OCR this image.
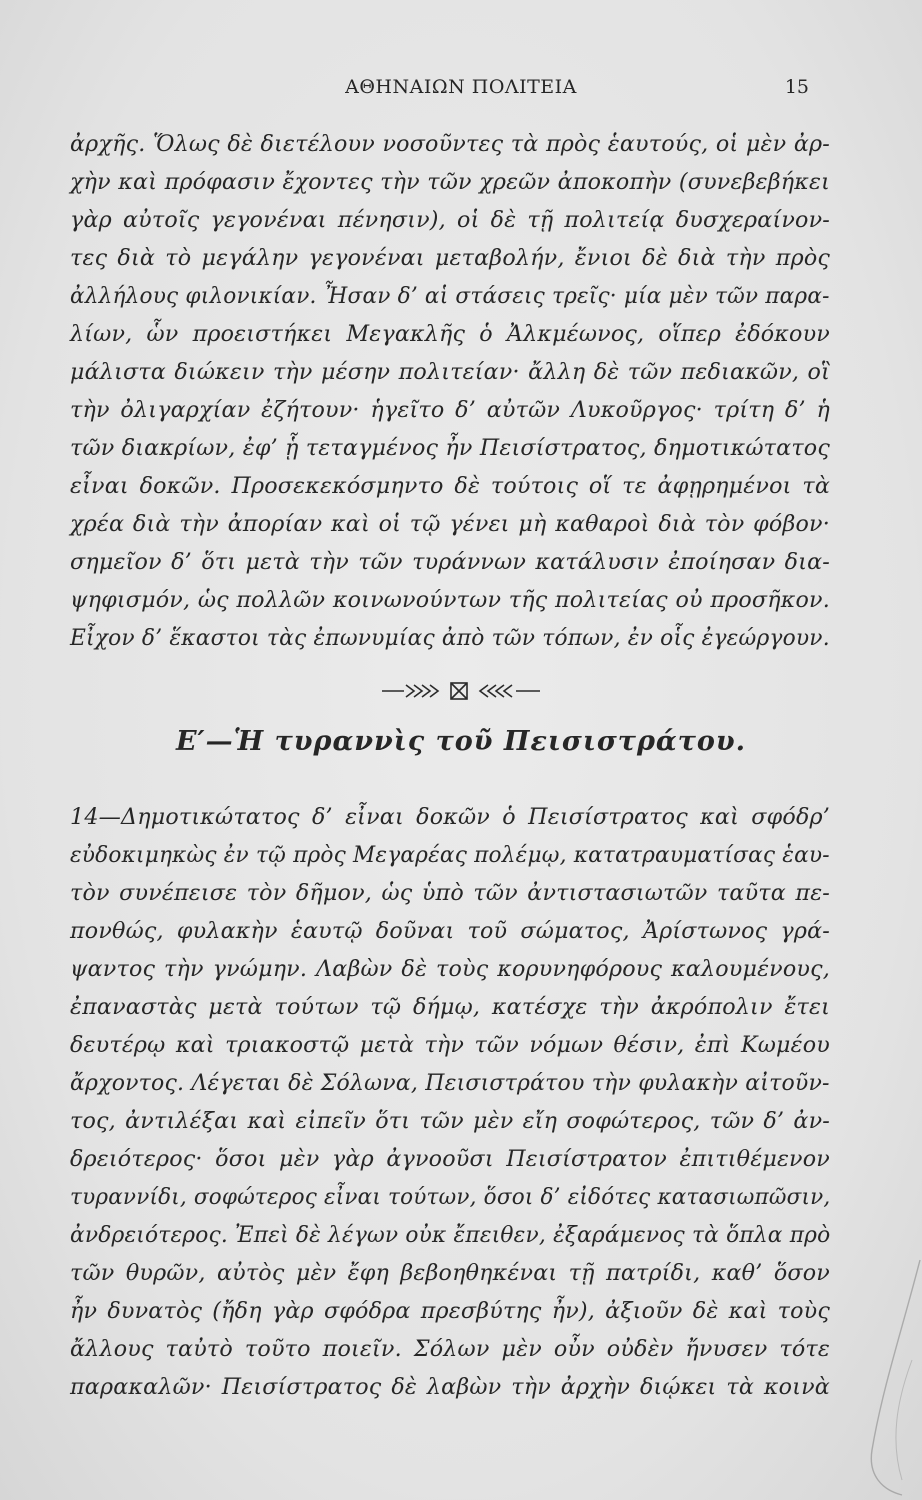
ΑΘΗΝΑΙΩΝ ΠΟΛΙΤΕΙΑ	15
ἀρχῆς. Ὅλως δὲ διετέλουν νοσοῦντες τὰ πρὸς ἑαυτούς, οἱ μὲν ἀρ-
χὴν καὶ πρόφασιν ἔχοντες τὴν τῶν χρεῶν ἀποκοπὴν (συνεβεβήκει
γὰρ αὐτοῖς γεγονέναι πένησιν), οἱ δὲ τῇ πολιτείᾳ δυσχεραίνον-
τες διὰ τὸ μεγάλην γεγονέναι μεταβολήν, ἔνιοι δὲ διὰ τὴν πρὸς
ἀλλήλους φιλονικίαν. Ἦσαν δ’ αἱ στάσεις τρεῖς· μία μὲν τῶν παρα-
λίων, ὧν προειστήκει Μεγακλῆς ὁ Ἀλκμέωνος, οἵπερ ἐδόκουν
μάλιστα διώκειν τὴν μέσην πολιτείαν· ἄλλη δὲ τῶν πεδιακῶν, οἳ
τὴν ὀλιγαρχίαν ἐζήτουν· ἡγεῖτο δ’ αὐτῶν Λυκοῦργος· τρίτη δ’ ἡ
τῶν διακρίων, ἐφ’ ᾗ τεταγμένος ἦν Πεισίστρατος, δημοτικώτατος
εἶναι δοκῶν. Προσεκεκόσμηντο δὲ τούτοις οἵ τε ἀφῃρημένοι τὰ
χρέα διὰ τὴν ἀπορίαν καὶ οἱ τῷ γένει μὴ καθαροὶ διὰ τὸν φόβον·
σημεῖον δ’ ὅτι μετὰ τὴν τῶν τυράννων κατάλυσιν ἐποίησαν δια-
ψηφισμόν, ὡς πολλῶν κοινωνούντων τῆς πολιτείας οὐ προσῆκον.
Εἶχον δ’ ἕκαστοι τὰς ἐπωνυμίας ἀπὸ τῶν τόπων, ἐν οἷς ἐγεώργουν.
Ε′—Ἡ τυραννὶς τοῦ Πεισιστράτου.
14—Δημοτικώτατος δ’ εἶναι δοκῶν ὁ Πεισίστρατος καὶ σφόδρ’
εὐδοκιμηκὼς ἐν τῷ πρὸς Μεγαρέας πολέμῳ, κατατραυματίσας ἑαυ-
τὸν συνέπεισε τὸν δῆμον, ὡς ὑπὸ τῶν ἀντιστασιωτῶν ταῦτα πε-
πονθώς, φυλακὴν ἑαυτῷ δοῦναι τοῦ σώματος, Ἀρίστωνος γρά-
ψαντος τὴν γνώμην. Λαβὼν δὲ τοὺς κορυνηφόρους καλουμένους,
ἐπαναστὰς μετὰ τούτων τῷ δήμῳ, κατέσχε τὴν ἀκρόπολιν ἔτει
δευτέρῳ καὶ τριακοστῷ μετὰ τὴν τῶν νόμων θέσιν, ἐπὶ Κωμέου
ἄρχοντος. Λέγεται δὲ Σόλωνα, Πεισιστράτου τὴν φυλακὴν αἰτοῦν-
τος, ἀντιλέξαι καὶ εἰπεῖν ὅτι τῶν μὲν εἴη σοφώτερος, τῶν δ’ ἀν-
δρειότερος· ὅσοι μὲν γὰρ ἀγνοοῦσι Πεισίστρατον ἐπιτιθέμενον
τυραννίδι, σοφώτερος εἶναι τούτων, ὅσοι δ’ εἰδότες κατασιωπῶσιν,
ἀνδρειότερος. Ἐπεὶ δὲ λέγων οὐκ ἔπειθεν, ἐξαράμενος τὰ ὅπλα πρὸ
τῶν θυρῶν, αὐτὸς μὲν ἔφη βεβοηθηκέναι τῇ πατρίδι, καθ’ ὅσον
ἦν δυνατὸς (ἤδη γὰρ σφόδρα πρεσβύτης ἦν), ἀξιοῦν δὲ καὶ τοὺς
ἄλλους ταὐτὸ τοῦτο ποιεῖν. Σόλων μὲν οὖν οὐδὲν ἤνυσεν τότε
παρακαλῶν· Πεισίστρατος δὲ λαβὼν τὴν ἀρχὴν διῴκει τὰ κοινὰ
